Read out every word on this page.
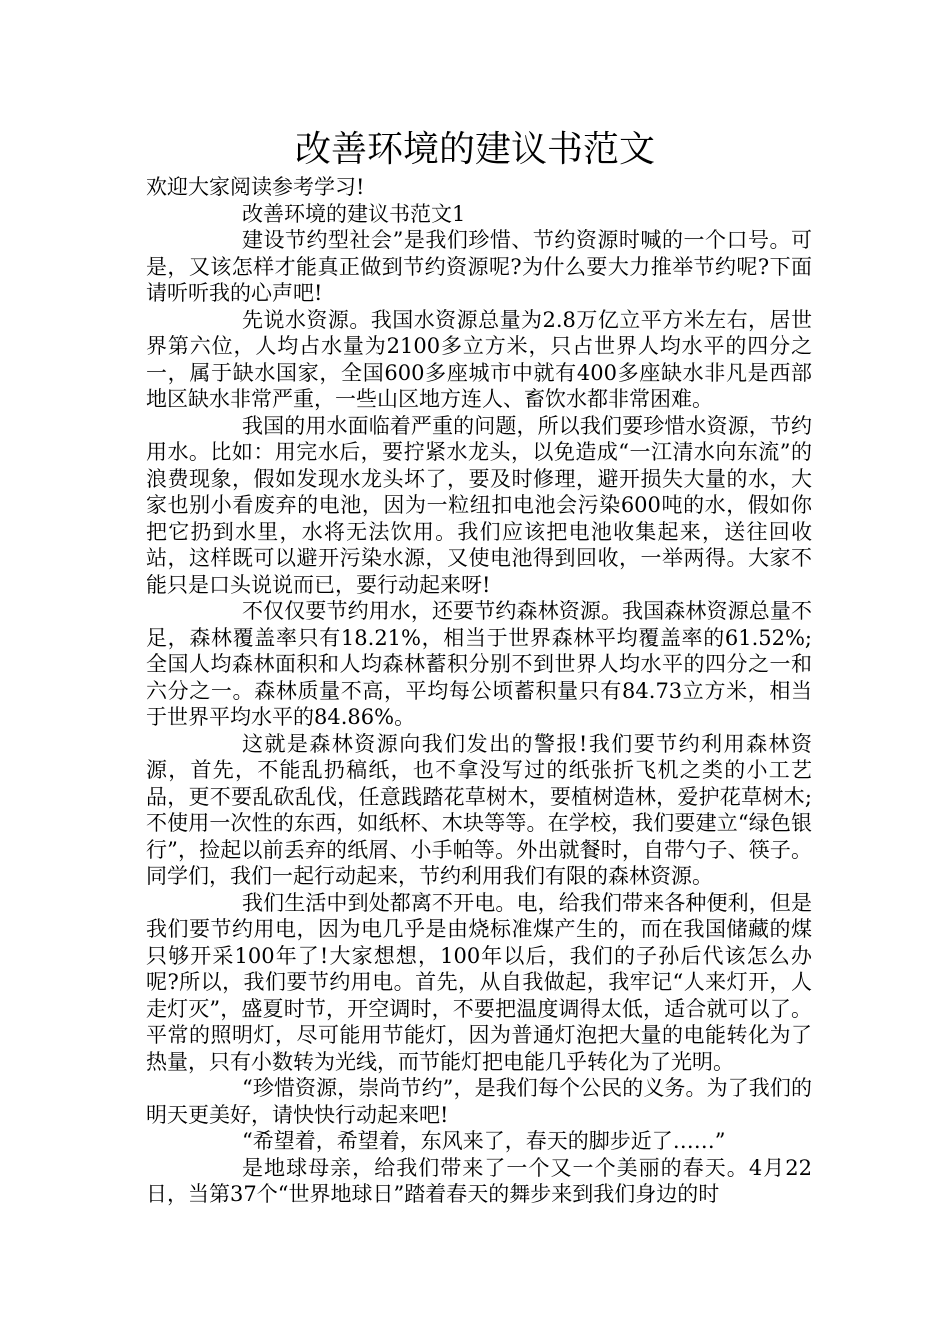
改善环境的建议书范文

欢迎大家阅读参考学习!

改善环境的建议书范文1

建设节约型社会”是我们珍惜、节约资源时喊的一个口号。可是，又该怎样才能真正做到节约资源呢?为什么要大力推举节约呢?下面请听听我的心声吧!

先说水资源。我国水资源总量为2.8万亿立平方米左右，居世界第六位，人均占水量为2100多立方米，只占世界人均水平的四分之一，属于缺水国家，全国600多座城市中就有400多座缺水非凡是西部地区缺水非常严重，一些山区地方连人、畜饮水都非常困难。

我国的用水面临着严重的问题，所以我们要珍惜水资源，节约用水。比如：用完水后，要拧紧水龙头，以免造成“一江清水向东流”的浪费现象，假如发现水龙头坏了，要及时修理，避开损失大量的水，大家也别小看废弃的电池，因为一粒纽扣电池会污染600吨的水，假如你把它扔到水里，水将无法饮用。我们应该把电池收集起来，送往回收站，这样既可以避开污染水源，又使电池得到回收，一举两得。大家不能只是口头说说而已，要行动起来呀!

不仅仅要节约用水，还要节约森林资源。我国森林资源总量不足，森林覆盖率只有18.21%，相当于世界森林平均覆盖率的61.52%;全国人均森林面积和人均森林蓄积分别不到世界人均水平的四分之一和六分之一。森林质量不高，平均每公顷蓄积量只有84.73立方米，相当于世界平均水平的84.86%。

这就是森林资源向我们发出的警报!我们要节约利用森林资源，首先，不能乱扔稿纸，也不拿没写过的纸张折飞机之类的小工艺品，更不要乱砍乱伐，任意践踏花草树木，要植树造林，爱护花草树木;不使用一次性的东西，如纸杯、木块等等。在学校，我们要建立“绿色银行”，捡起以前丢弃的纸屑、小手帕等。外出就餐时，自带勺子、筷子。同学们，我们一起行动起来，节约利用我们有限的森林资源。

我们生活中到处都离不开电。电，给我们带来各种便利，但是我们要节约用电，因为电几乎是由烧标准煤产生的，而在我国储藏的煤只够开采100年了!大家想想，100年以后，我们的子孙后代该怎么办呢?所以，我们要节约用电。首先，从自我做起，我牢记“人来灯开，人走灯灭”，盛夏时节，开空调时，不要把温度调得太低，适合就可以了。平常的照明灯，尽可能用节能灯，因为普通灯泡把大量的电能转化为了热量，只有小数转为光线，而节能灯把电能几乎转化为了光明。

“珍惜资源，崇尚节约”，是我们每个公民的义务。为了我们的明天更美好，请快快行动起来吧!

“希望着，希望着，东风来了，春天的脚步近了……”

是地球母亲，给我们带来了一个又一个美丽的春天。4月22日，当第37个“世界地球日”踏着春天的舞步来到我们身边的时
